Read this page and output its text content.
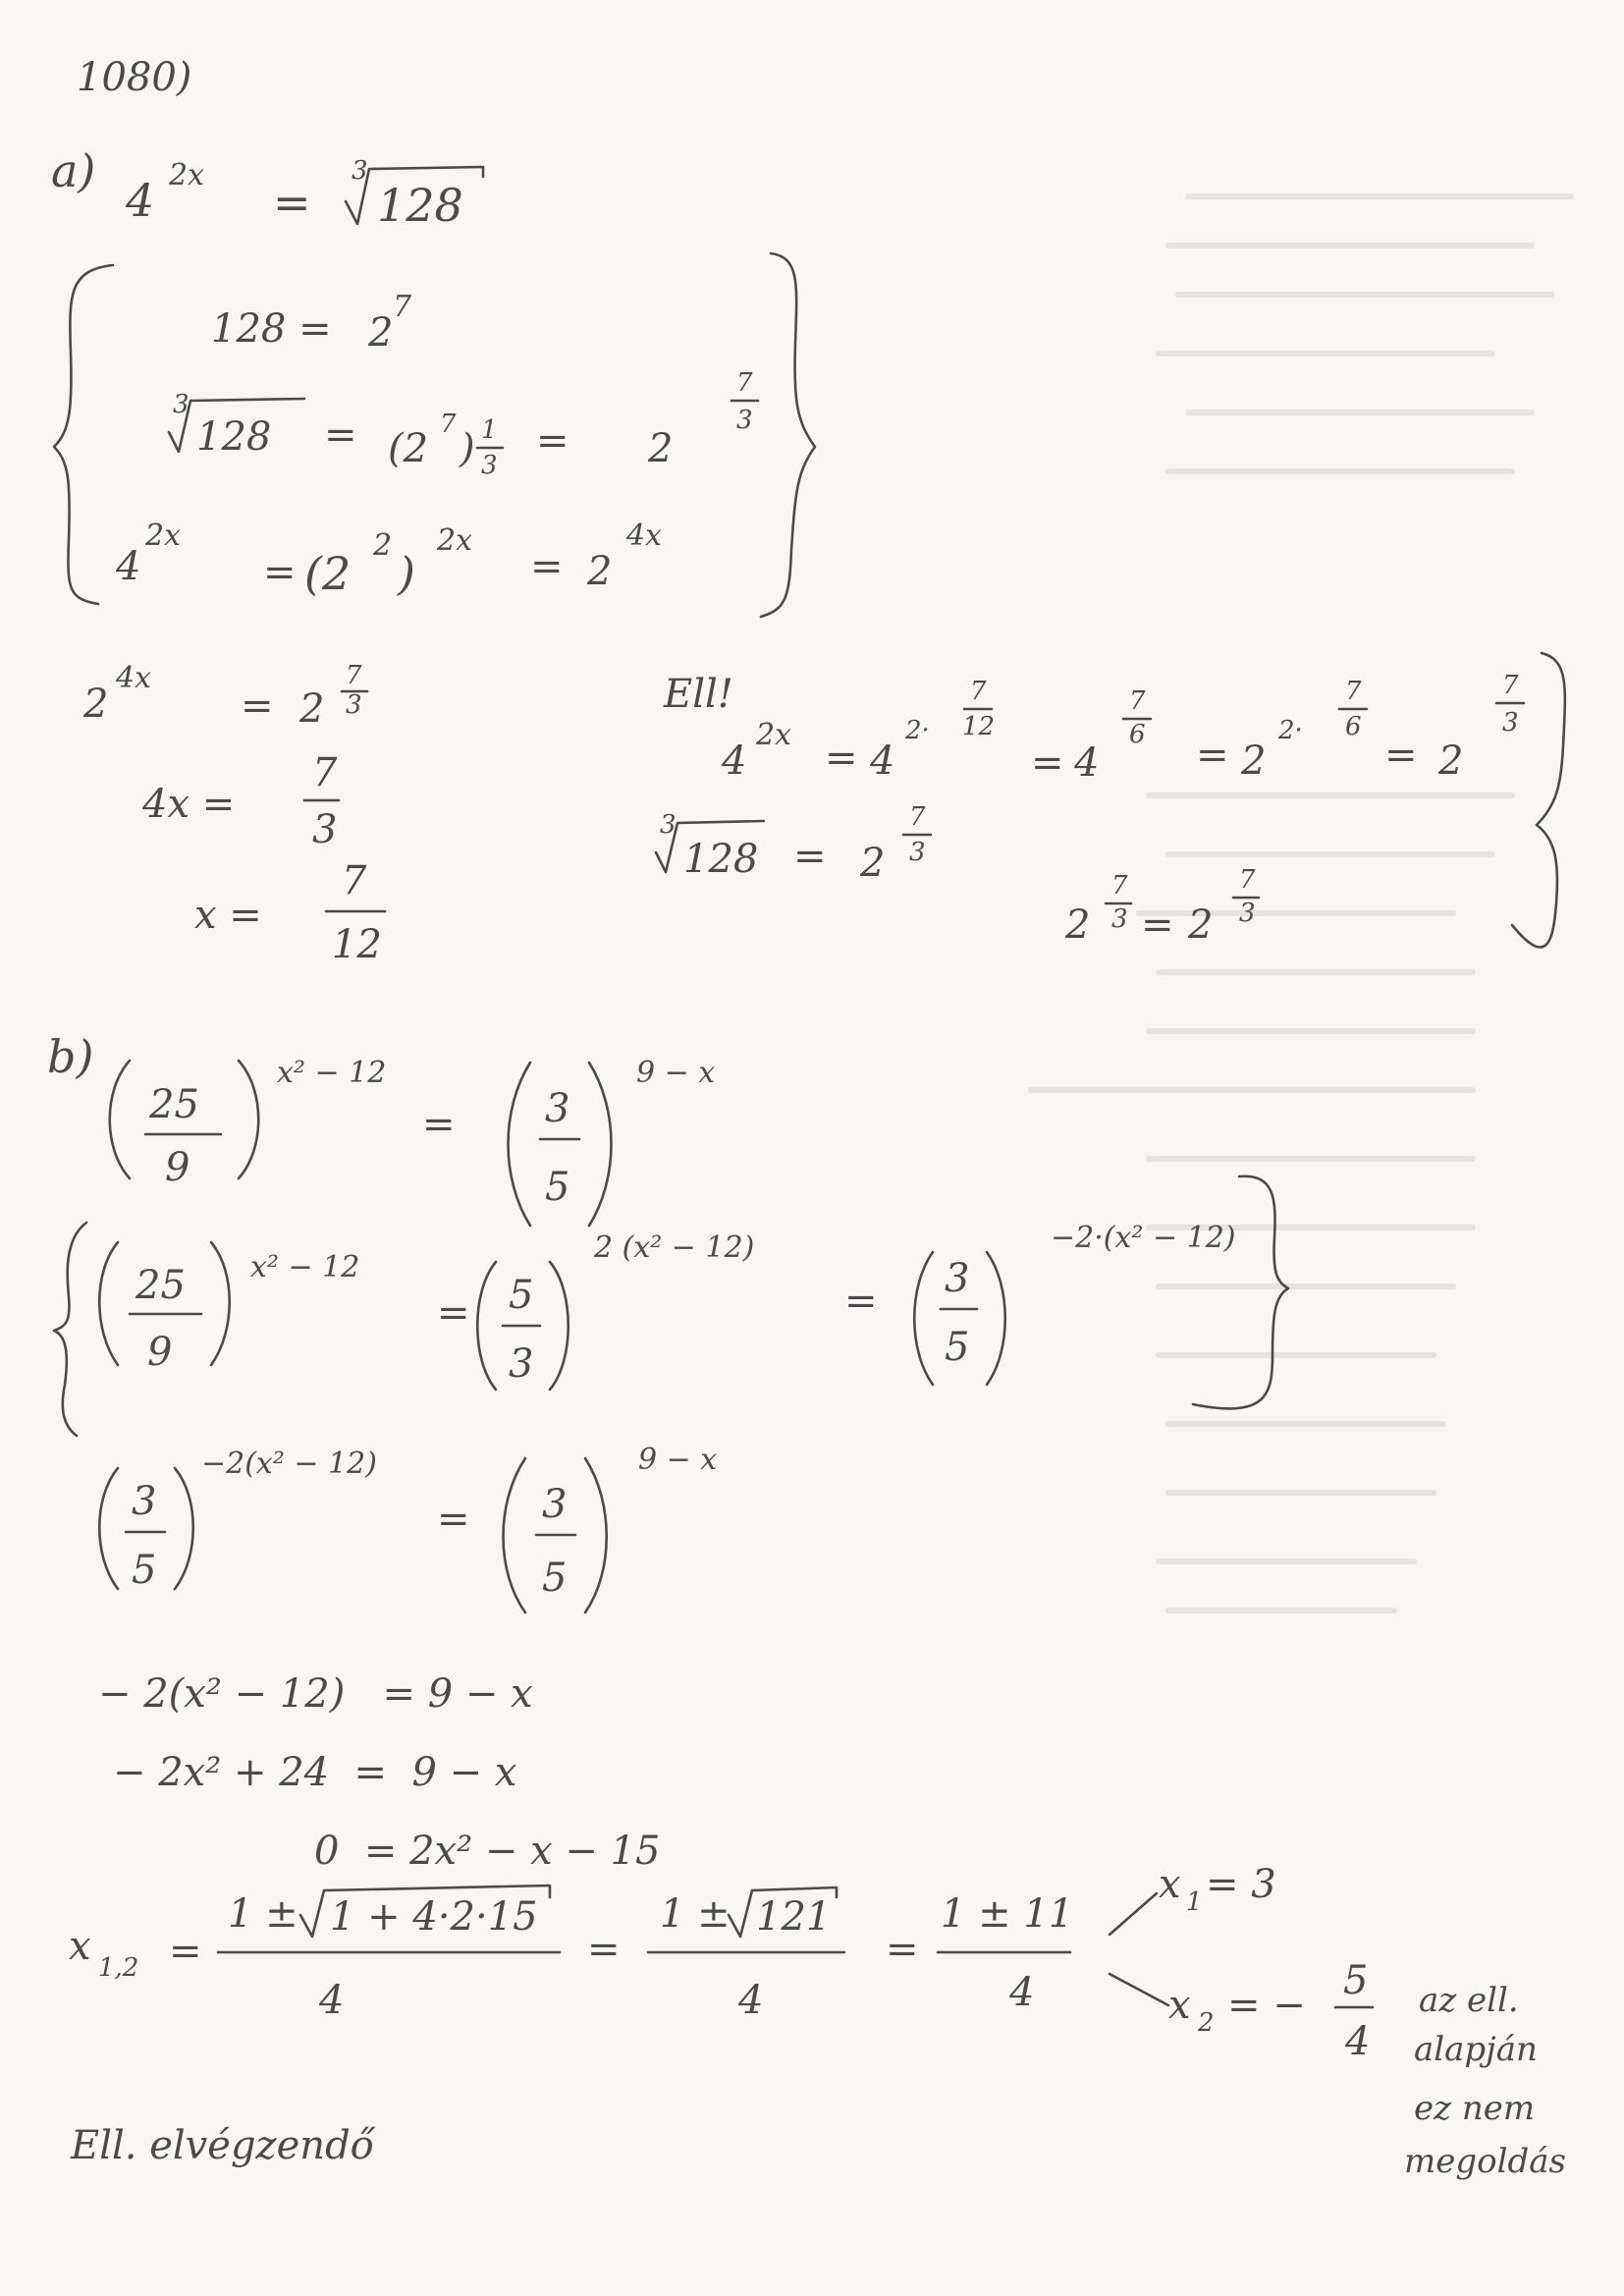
1080)
a)
4 2x
=
3
128
128 = 2
7
3
128 = (2
7
) 1
3
= 2
7
3
4
2x
= (2
2
)
2x
= 2
4x
2
4x
= 2
7
3
4x =
7
3
x =
7
12
Ell!
4
2x
= 4
2·
7
12
= 4
7
6 = 2
2·
7
6
= 2
7
3
3
128 = 2
7
3
2
7
3 = 2
7
3
b)
25
9
x² − 12
= 3
5
9 − x
25
9
x² − 12
= 5
3
2 (x² − 12)
= 3
5
−2·(x² − 12)
3
5
−2(x² − 12)
= 3
5
9 − x
− 2(x² − 12)   = 9 − x
− 2x² + 24  =  9 − x
0  = 2x² − x − 15
x 1,2 =
1 ± 1 + 4·2·15
4
=
1 ± 121
4
=
1 ± 11
4
x 1 = 3
x 2 = −
5
4
az ell.
alapján
ez nem
megoldás
Ell. elvégzendő
